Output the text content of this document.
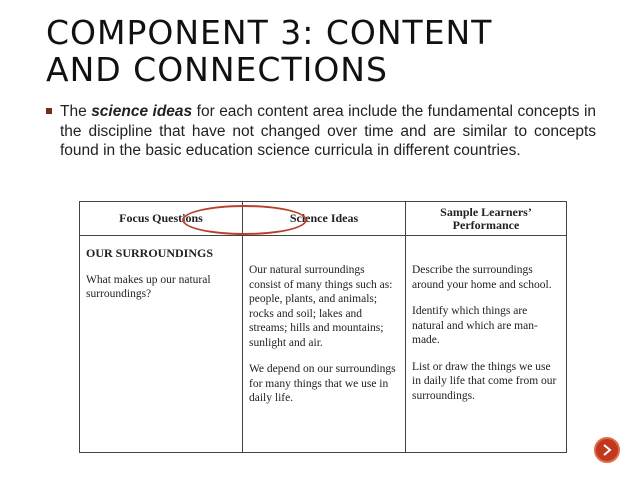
COMPONENT 3: CONTENT
AND CONNECTIONS
The science ideas for each content area include the fundamental concepts in the discipline that have not changed over time and are similar to concepts found in the basic education science curricula in different countries.
Focus Questions

OUR SURROUNDINGS

What makes up our natural surroundings?

Science Ideas

Our natural surroundings consist of many things such as: people, plants, and animals; rocks and soil; lakes and streams; hills and mountains; sunlight and air.

We depend on our surroundings for many things that we use in daily life.

Sample Learners’ Performance

Describe the surroundings around your home and school.

Identify which things are natural and which are man-made.

List or draw the things we use in daily life that come from our surroundings.
